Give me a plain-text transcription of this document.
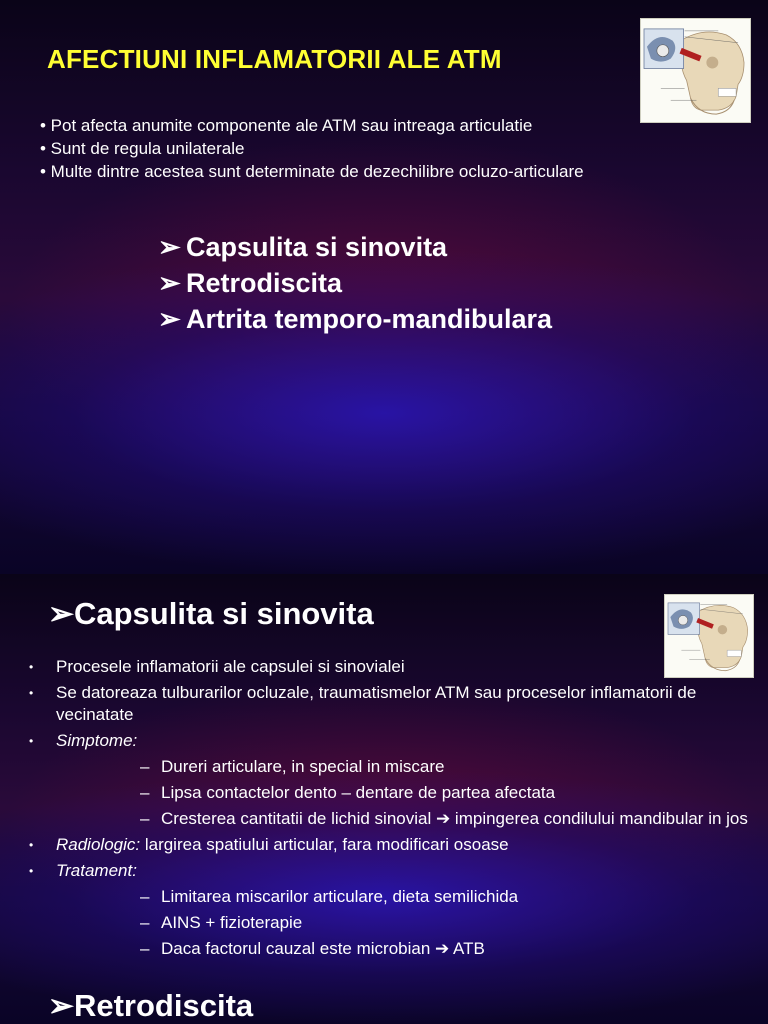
AFECTIUNI INFLAMATORII ALE ATM
• Pot afecta anumite componente ale ATM sau intreaga articulatie
• Sunt de regula unilaterale
• Multe dintre acestea sunt determinate de dezechilibre ocluzo-articulare
➢ Capsulita si sinovita
➢ Retrodiscita
➢ Artrita temporo-mandibulara
➢Capsulita si sinovita
• Procesele inflamatorii ale capsulei si sinovialei
• Se datoreaza tulburarilor ocluzale, traumatismelor ATM sau proceselor inflamatorii de vecinatate
• Simptome:
– Dureri articulare, in special in miscare
– Lipsa contactelor dento – dentare de partea afectata
– Cresterea cantitatii de lichid sinovial ➔ impingerea condilului mandibular in jos
• Radiologic: largirea spatiului articular, fara modificari osoase
• Tratament:
– Limitarea miscarilor articulare, dieta semilichida
– AINS + fizioterapie
– Daca factorul cauzal este microbian ➔ ATB
➢Retrodiscita
